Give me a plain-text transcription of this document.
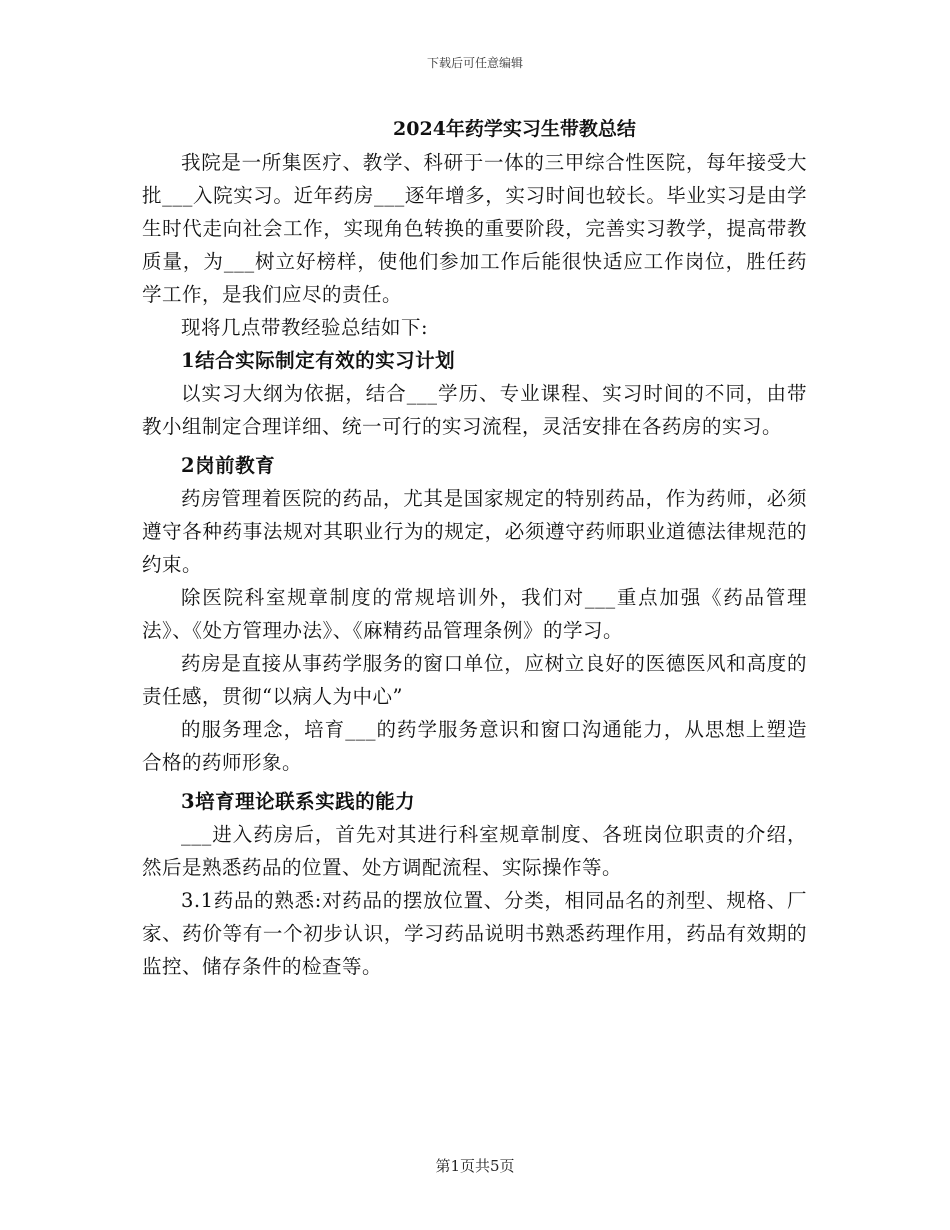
下载后可任意编辑
2024年药学实习生带教总结

我院是一所集医疗、教学、科研于一体的三甲综合性医院，每年接受大批___入院实习。近年药房___逐年增多，实习时间也较长。毕业实习是由学生时代走向社会工作，实现角色转换的重要阶段，完善实习教学，提高带教质量，为___树立好榜样，使他们参加工作后能很快适应工作岗位，胜任药学工作，是我们应尽的责任。

现将几点带教经验总结如下:

1结合实际制定有效的实习计划

以实习大纲为依据，结合___学历、专业课程、实习时间的不同，由带教小组制定合理详细、统一可行的实习流程，灵活安排在各药房的实习。

2岗前教育

药房管理着医院的药品，尤其是国家规定的特别药品，作为药师，必须遵守各种药事法规对其职业行为的规定，必须遵守药师职业道德法律规范的约束。

除医院科室规章制度的常规培训外，我们对___重点加强《药品管理法》、《处方管理办法》、《麻精药品管理条例》的学习。

药房是直接从事药学服务的窗口单位，应树立良好的医德医风和高度的责任感，贯彻“以病人为中心”

的服务理念，培育___的药学服务意识和窗口沟通能力，从思想上塑造合格的药师形象。

3培育理论联系实践的能力

___进入药房后，首先对其进行科室规章制度、各班岗位职责的介绍，然后是熟悉药品的位置、处方调配流程、实际操作等。

3.1药品的熟悉:对药品的摆放位置、分类，相同品名的剂型、规格、厂家、药价等有一个初步认识，学习药品说明书熟悉药理作用，药品有效期的监控、储存条件的检查等。

第1页共5页
